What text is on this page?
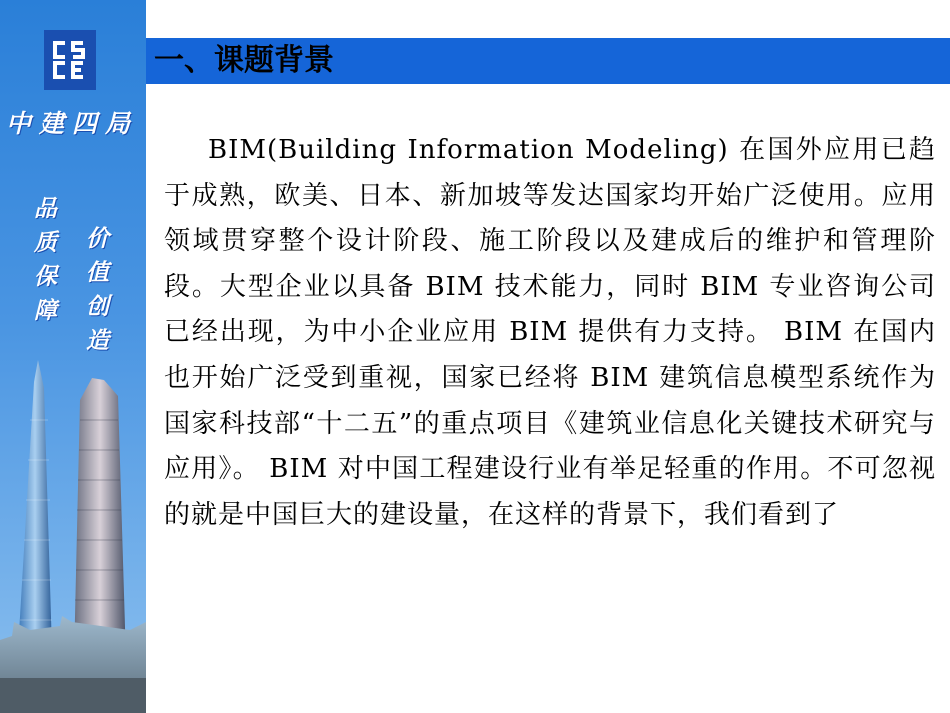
中建四局
品质保障
价值创造
一、课题背景

BIM(Building Information Modeling) 在国外应用已趋于成熟，欧美、日本、新加坡等发达国家均开始广泛使用。应用领域贯穿整个设计阶段、施工阶段以及建成后的维护和管理阶段。大型企业以具备 BIM 技术能力，同时 BIM 专业咨询公司已经出现，为中小企业应用 BIM 提供有力支持。 BIM 在国内也开始广泛受到重视，国家已经将 BIM 建筑信息模型系统作为国家科技部“十二五”的重点项目《建筑业信息化关键技术研究与应用》。 BIM 对中国工程建设行业有举足轻重的作用。不可忽视的就是中国巨大的建设量，在这样的背景下，我们看到了
